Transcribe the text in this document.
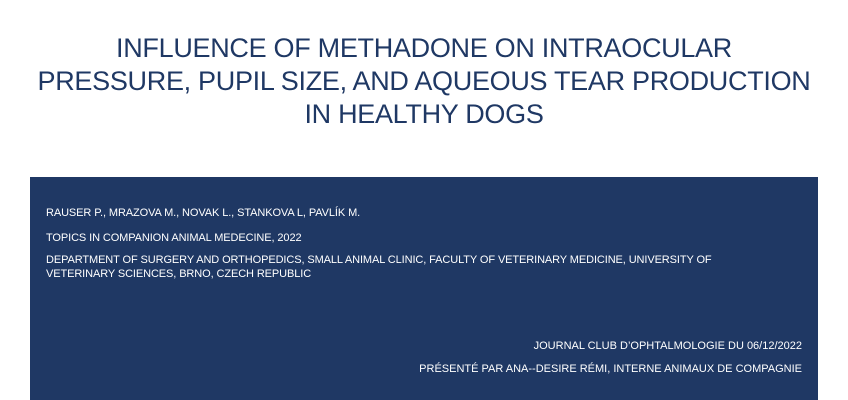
INFLUENCE OF METHADONE ON INTRAOCULAR
PRESSURE, PUPIL SIZE, AND AQUEOUS TEAR PRODUCTION
IN HEALTHY DOGS
RAUSER P., MRAZOVA M., NOVAK L., STANKOVA L, PAVLÍK M.
TOPICS IN COMPANION ANIMAL MEDECINE, 2022
DEPARTMENT OF SURGERY AND ORTHOPEDICS, SMALL ANIMAL CLINIC, FACULTY OF VETERINARY MEDICINE, UNIVERSITY OF VETERINARY SCIENCES, BRNO, CZECH REPUBLIC
JOURNAL CLUB D’OPHTALMOLOGIE DU 06/12/2022
PRÉSENTÉ PAR ANA--DESIRE RÉMI, INTERNE ANIMAUX DE COMPAGNIE
